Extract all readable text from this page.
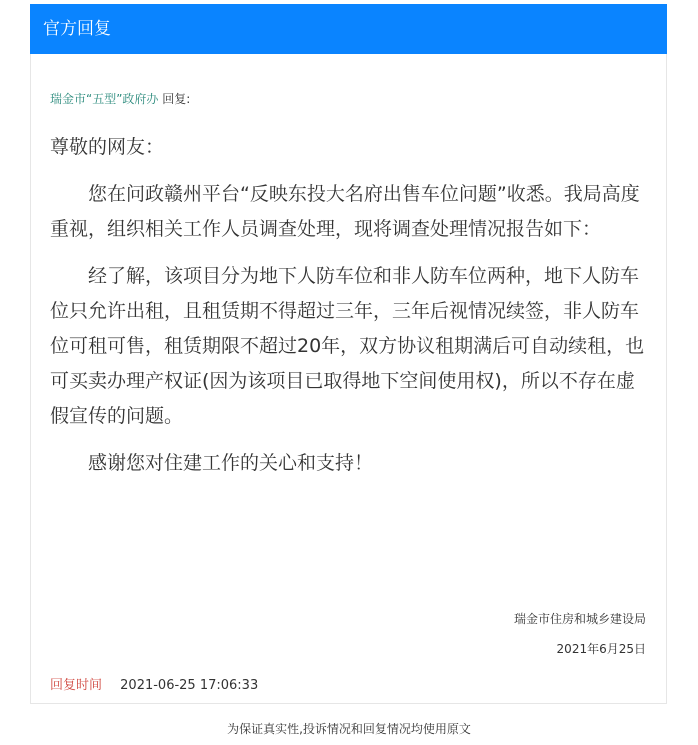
官方回复
瑞金市“五型”政府办 回复:

尊敬的网友：

您在问政赣州平台“反映东投大名府出售车位问题”收悉。我局高度重视，组织相关工作人员调查处理，现将调查处理情况报告如下：

经了解，该项目分为地下人防车位和非人防车位两种，地下人防车位只允许出租，且租赁期不得超过三年，三年后视情况续签，非人防车位可租可售，租赁期限不超过20年，双方协议租期满后可自动续租，也可买卖办理产权证(因为该项目已取得地下空间使用权)，所以不存在虚假宣传的问题。

感谢您对住建工作的关心和支持！

瑞金市住房和城乡建设局
2021年6月25日
回复时间 2021-06-25 17:06:33
为保证真实性,投诉情况和回复情况均使用原文
